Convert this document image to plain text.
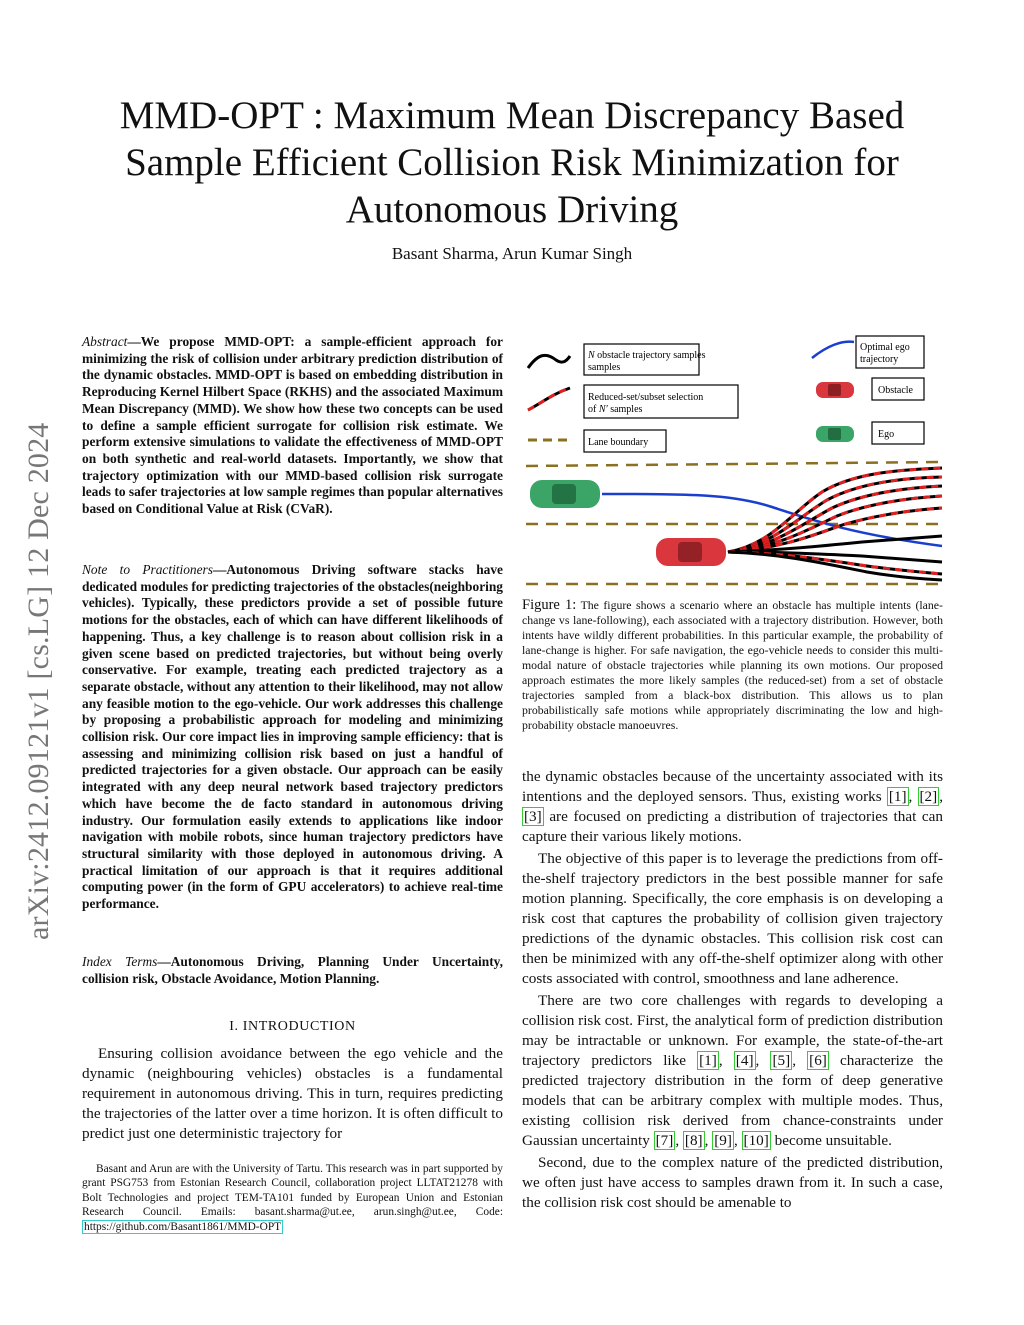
arXiv:2412.09121v1 [cs.LG] 12 Dec 2024
MMD-OPT : Maximum Mean Discrepancy Based Sample Efficient Collision Risk Minimization for Autonomous Driving
Basant Sharma, Arun Kumar Singh
Abstract—We propose MMD-OPT: a sample-efficient approach for minimizing the risk of collision under arbitrary prediction distribution of the dynamic obstacles. MMD-OPT is based on embedding distribution in Reproducing Kernel Hilbert Space (RKHS) and the associated Maximum Mean Discrepancy (MMD). We show how these two concepts can be used to define a sample efficient surrogate for collision risk estimate. We perform extensive simulations to validate the effectiveness of MMD-OPT on both synthetic and real-world datasets. Importantly, we show that trajectory optimization with our MMD-based collision risk surrogate leads to safer trajectories at low sample regimes than popular alternatives based on Conditional Value at Risk (CVaR).
Note to Practitioners—Autonomous Driving software stacks have dedicated modules for predicting trajectories of the obstacles(neighboring vehicles). Typically, these predictors provide a set of possible future motions for the obstacles, each of which can have different likelihoods of happening. Thus, a key challenge is to reason about collision risk in a given scene based on predicted trajectories, but without being overly conservative. For example, treating each predicted trajectory as a separate obstacle, without any attention to their likelihood, may not allow any feasible motion to the ego-vehicle. Our work addresses this challenge by proposing a probabilistic approach for modeling and minimizing collision risk. Our core impact lies in improving sample efficiency: that is assessing and minimizing collision risk based on just a handful of predicted trajectories for a given obstacle. Our approach can be easily integrated with any deep neural network based trajectory predictors which have become the de facto standard in autonomous driving industry. Our formulation easily extends to applications like indoor navigation with mobile robots, since human trajectory predictors have structural similarity with those deployed in autonomous driving. A practical limitation of our approach is that it requires additional computing power (in the form of GPU accelerators) to achieve real-time performance.
Index Terms—Autonomous Driving, Planning Under Uncertainty, collision risk, Obstacle Avoidance, Motion Planning.
I. INTRODUCTION
Ensuring collision avoidance between the ego vehicle and the dynamic (neighbouring vehicles) obstacles is a fundamental requirement in autonomous driving. This in turn, requires predicting the trajectories of the latter over a time horizon. It is often difficult to predict just one deterministic trajectory for
Basant and Arun are with the University of Tartu. This research was in part supported by grant PSG753 from Estonian Research Council, collaboration project LLTAT21278 with Bolt Technologies and project TEM-TA101 funded by European Union and Estonian Research Council. Emails: basant.sharma@ut.ee, arun.singh@ut.ee, Code: https://github.com/Basant1861/MMD-OPT
N obstacle trajectory samples
samples
Reduced-set/subset selection
of N′ samples
Lane boundary
Optimal ego
trajectory
Obstacle
Ego
Figure 1: The figure shows a scenario where an obstacle has multiple intents (lane-change vs lane-following), each associated with a trajectory distribution. However, both intents have wildly different probabilities. In this particular example, the probability of lane-change is higher. For safe navigation, the ego-vehicle needs to consider this multi-modal nature of obstacle trajectories while planning its own motions. Our proposed approach estimates the more likely samples (the reduced-set) from a set of obstacle trajectories sampled from a black-box distribution. This allows us to plan probabilistically safe motions while appropriately discriminating the low and high-probability obstacle manoeuvres.

the dynamic obstacles because of the uncertainty associated with its intentions and the deployed sensors. Thus, existing works [1] , [2] , [3] are focused on predicting a distribution of trajectories that can capture their various likely motions.

The objective of this paper is to leverage the predictions from off-the-shelf trajectory predictors in the best possible manner for safe motion planning. Specifically, the core emphasis is on developing a risk cost that captures the probability of collision given trajectory predictions of the dynamic obstacles. This collision risk cost can then be minimized with any off-the-shelf optimizer along with other costs associated with control, smoothness and lane adherence.

There are two core challenges with regards to developing a collision risk cost. First, the analytical form of prediction distribution may be intractable or unknown. For example, the state-of-the-art trajectory predictors like [1] , [4] , [5] , [6] characterize the predicted trajectory distribution in the form of deep generative models that can be arbitrary complex with multiple modes. Thus, existing collision risk derived from chance-constraints under Gaussian uncertainty [7] , [8] , [9] , [10] become unsuitable.

Second, due to the complex nature of the predicted distribution, we often just have access to samples drawn from it. In such a case, the collision risk cost should be amenable to
